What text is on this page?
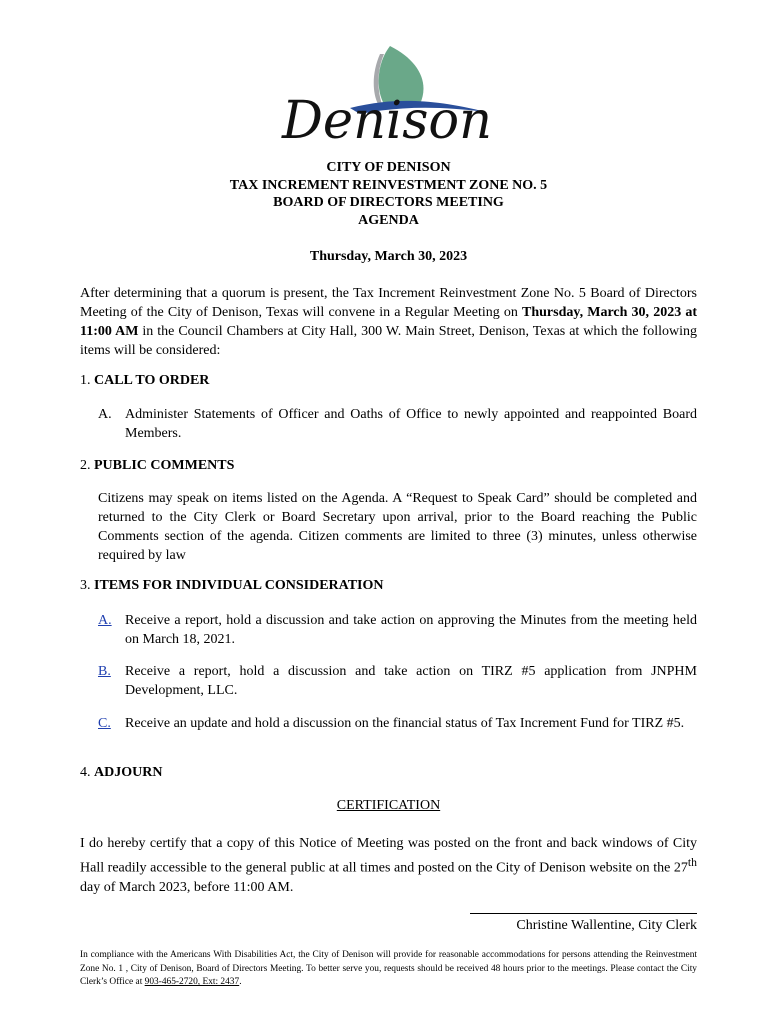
Denison
CITY OF DENISON
TAX INCREMENT REINVESTMENT ZONE NO. 5
BOARD OF DIRECTORS MEETING
AGENDA
Thursday, March 30, 2023

After determining that a quorum is present, the Tax Increment Reinvestment Zone No. 5 Board of Directors Meeting of the City of Denison, Texas will convene in a Regular Meeting on Thursday, March 30, 2023 at 11:00 AM in the Council Chambers at City Hall, 300 W. Main Street, Denison, Texas at which the following items will be considered:

1. CALL TO ORDER
A. Administer Statements of Officer and Oaths of Office to newly appointed and reappointed Board Members.
2. PUBLIC COMMENTS

Citizens may speak on items listed on the Agenda. A “Request to Speak Card” should be completed and returned to the City Clerk or Board Secretary upon arrival, prior to the Board reaching the Public Comments section of the agenda. Citizen comments are limited to three (3) minutes, unless otherwise required by law

3. ITEMS FOR INDIVIDUAL CONSIDERATION
A. Receive a report, hold a discussion and take action on approving the Minutes from the meeting held on March 18, 2021.
B. Receive a report, hold a discussion and take action on TIRZ #5 application from JNPHM Development, LLC.
C. Receive an update and hold a discussion on the financial status of Tax Increment Fund for TIRZ #5.
4. ADJOURN
CERTIFICATION

I do hereby certify that a copy of this Notice of Meeting was posted on the front and back windows of City Hall readily accessible to the general public at all times and posted on the City of Denison website on the 27th day of March 2023, before 11:00 AM.

Christine Wallentine, City Clerk

In compliance with the Americans With Disabilities Act, the City of Denison will provide for reasonable accommodations for persons attending the Reinvestment Zone No. 1 , City of Denison, Board of Directors Meeting. To better serve you, requests should be received 48 hours prior to the meetings. Please contact the City Clerk’s Office at 903-465-2720, Ext: 2437.
